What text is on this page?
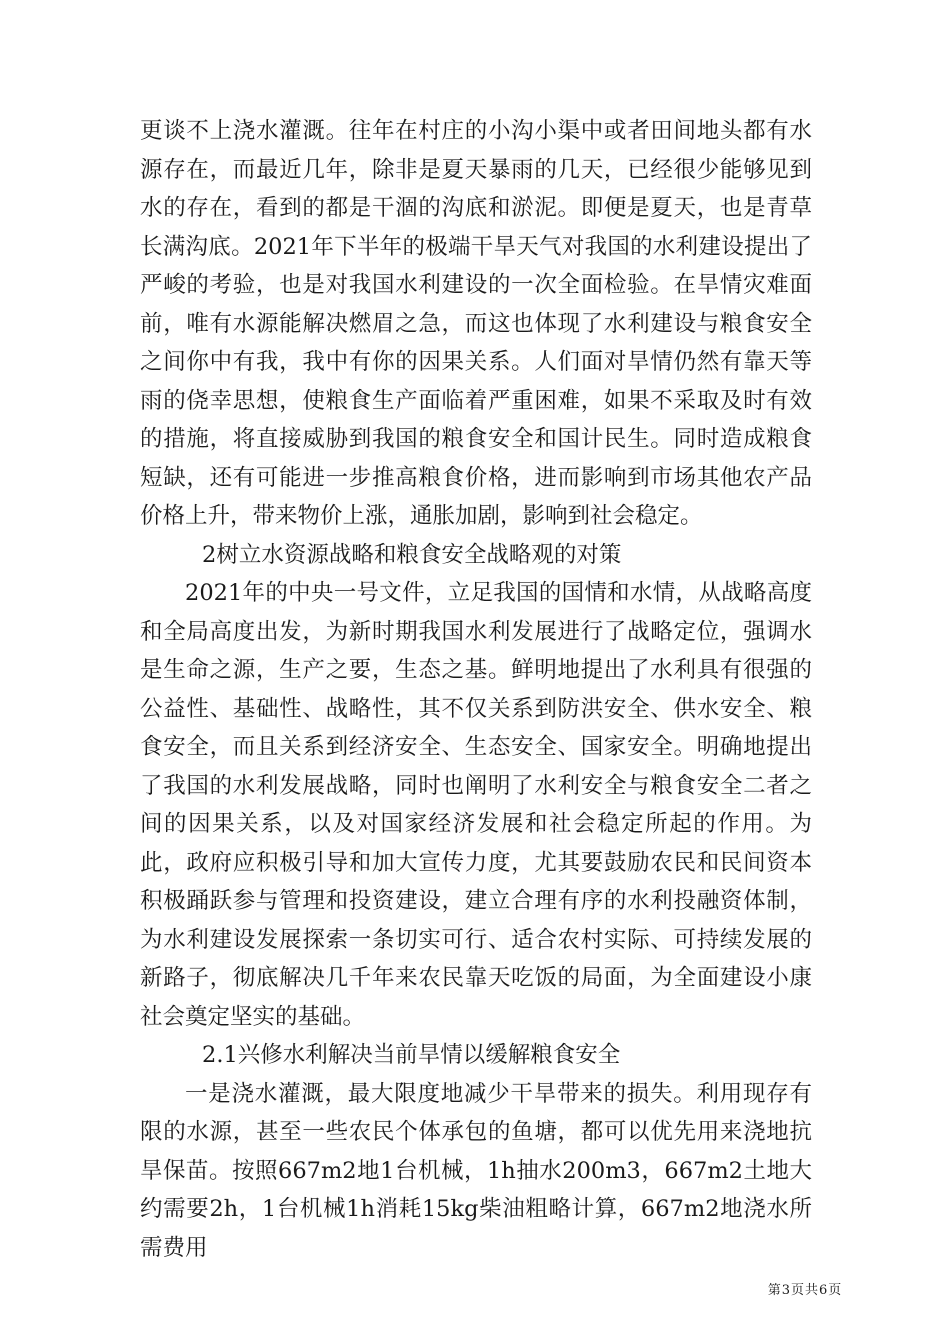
更谈不上浇水灌溉。往年在村庄的小沟小渠中或者田间地头都有水源存在，而最近几年，除非是夏天暴雨的几天，已经很少能够见到水的存在，看到的都是干涸的沟底和淤泥。即便是夏天，也是青草长满沟底。2021年下半年的极端干旱天气对我国的水利建设提出了严峻的考验，也是对我国水利建设的一次全面检验。在旱情灾难面前，唯有水源能解决燃眉之急，而这也体现了水利建设与粮食安全之间你中有我，我中有你的因果关系。人们面对旱情仍然有靠天等雨的侥幸思想，使粮食生产面临着严重困难，如果不采取及时有效的措施，将直接威胁到我国的粮食安全和国计民生。同时造成粮食短缺，还有可能进一步推高粮食价格，进而影响到市场其他农产品价格上升，带来物价上涨，通胀加剧，影响到社会稳定。

2树立水资源战略和粮食安全战略观的对策

2021年的中央一号文件，立足我国的国情和水情，从战略高度和全局高度出发，为新时期我国水利发展进行了战略定位，强调水是生命之源，生产之要，生态之基。鲜明地提出了水利具有很强的公益性、基础性、战略性，其不仅关系到防洪安全、供水安全、粮食安全，而且关系到经济安全、生态安全、国家安全。明确地提出了我国的水利发展战略，同时也阐明了水利安全与粮食安全二者之间的因果关系，以及对国家经济发展和社会稳定所起的作用。为此，政府应积极引导和加大宣传力度，尤其要鼓励农民和民间资本积极踊跃参与管理和投资建设，建立合理有序的水利投融资体制，为水利建设发展探索一条切实可行、适合农村实际、可持续发展的新路子，彻底解决几千年来农民靠天吃饭的局面，为全面建设小康社会奠定坚实的基础。

2.1兴修水利解决当前旱情以缓解粮食安全

一是浇水灌溉，最大限度地减少干旱带来的损失。利用现存有限的水源，甚至一些农民个体承包的鱼塘，都可以优先用来浇地抗旱保苗。按照667m2地1台机械，1h抽水200m3，667m2土地大约需要2h，1台机械1h消耗15kg柴油粗略计算，667m2地浇水所需费用

第3页共6页
